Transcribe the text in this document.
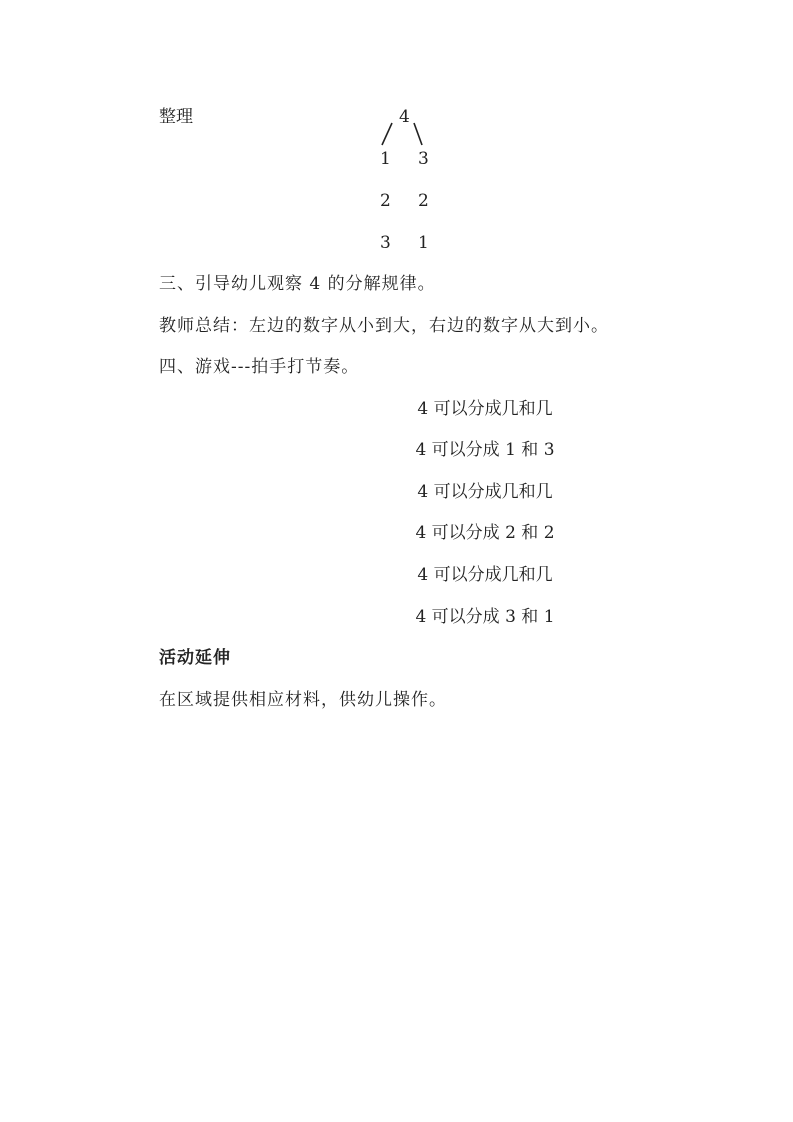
整理	4
1 3
2 2
3 1
三、引导幼儿观察 4 的分解规律。
教师总结：左边的数字从小到大，右边的数字从大到小。
四、游戏---拍手打节奏。
4 可以分成几和几
4 可以分成 1 和 3
4 可以分成几和几
4 可以分成 2 和 2
4 可以分成几和几
4 可以分成 3 和 1
活动延伸
在区域提供相应材料，供幼儿操作。
